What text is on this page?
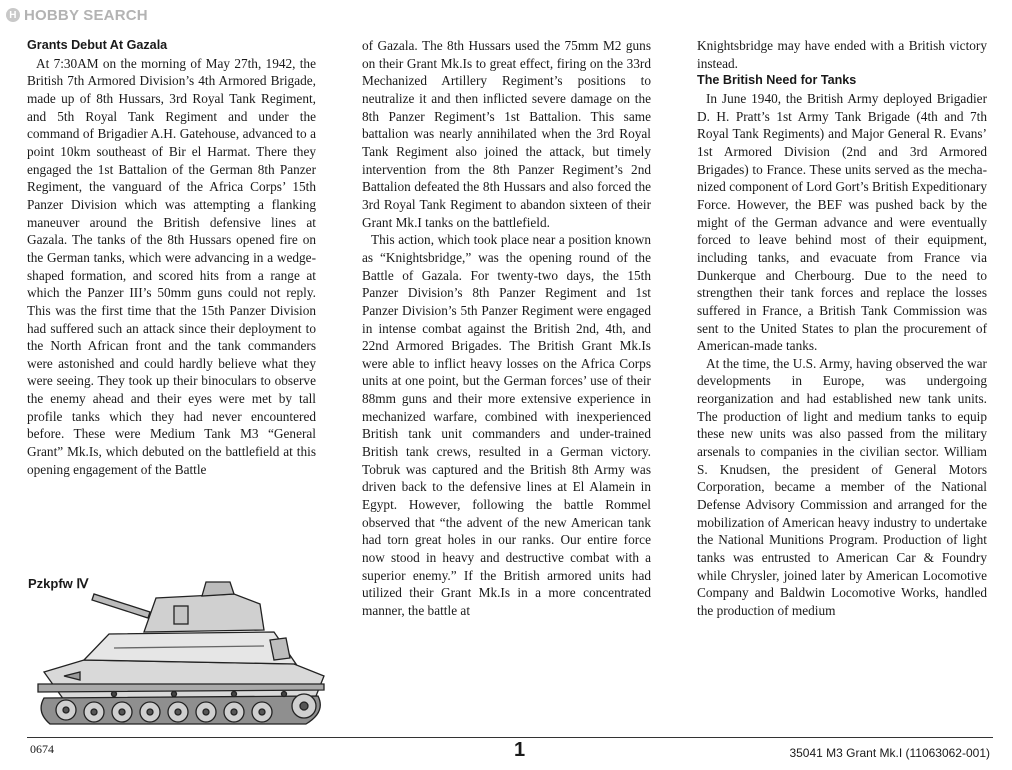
H HOBBY SEARCH
Grants Debut At Gazala

At 7:30AM on the morning of May 27th, 1942, the British 7th Armored Division’s 4th Armored Brigade, made up of 8th Hussars, 3rd Royal Tank Regiment, and 5th Royal Tank Regiment and under the command of Brigadier A.H. Gatehouse, advanced to a point 10km southeast of Bir el Harmat. There they engaged the 1st Battalion of the German 8th Panzer Regiment, the vanguard of the Africa Corps’ 15th Panzer Division which was attempting a flanking maneuver around the British defensive lines at Gazala. The tanks of the 8th Hussars opened fire on the German tanks, which were advancing in a wedge-shaped formation, and scored hits from a range at which the Panzer III’s 50mm guns could not reply. This was the first time that the 15th Panzer Division had suffered such an attack since their deployment to the North African front and the tank commanders were astonished and could hardly believe what they were seeing. They took up their binoculars to observe the enemy ahead and their eyes were met by tall profile tanks which they had never encountered before. These were Medium Tank M3 “General Grant” Mk.Is, which debuted on the battlefield at this opening engagement of the Battle

of Gazala. The 8th Hussars used the 75mm M2 guns on their Grant Mk.Is to great effect, firing on the 33rd Mechanized Artillery Regiment’s positions to neutralize it and then inflicted severe damage on the 8th Panzer Regiment’s 1st Battalion. This same battalion was nearly annihilated when the 3rd Royal Tank Regiment also joined the attack, but timely intervention from the 8th Panzer Regiment’s 2nd Battalion defeated the 8th Hussars and also forced the 3rd Royal Tank Regiment to abandon sixteen of their Grant Mk.I tanks on the battlefield.

This action, which took place near a position known as “Knightsbridge,” was the opening round of the Battle of Gazala. For twenty-two days, the 15th Panzer Division’s 8th Panzer Regiment and 1st Panzer Division’s 5th Panzer Regiment were engaged in intense combat against the British 2nd, 4th, and 22nd Armored Brigades. The British Grant Mk.Is were able to inflict heavy losses on the Africa Corps units at one point, but the German forces’ use of their 88mm guns and their more extensive experience in mechanized warfare, combined with inexperienced British tank unit commanders and under-trained British tank crews, resulted in a German victory. Tobruk was captured and the British 8th Army was driven back to the defensive lines at El Alamein in Egypt. However, following the battle Rommel observed that “the advent of the new American tank had torn great holes in our ranks. Our entire force now stood in heavy and destructive combat with a superior enemy.” If the British armored units had utilized their Grant Mk.Is in a more concentrated manner, the battle at

Knightsbridge may have ended with a British victory instead.

The British Need for Tanks

In June 1940, the British Army deployed Brigadier D. H. Pratt’s 1st Army Tank Brigade (4th and 7th Royal Tank Regiments) and Major General R. Evans’ 1st Armored Division (2nd and 3rd Armored Brigades) to France. These units served as the mechanized component of Lord Gort’s British Expeditionary Force. However, the BEF was pushed back by the might of the German advance and were eventually forced to leave behind most of their equipment, including tanks, and evacuate from France via Dunkerque and Cherbourg. Due to the need to strengthen their tank forces and replace the losses suffered in France, a British Tank Commission was sent to the United States to plan the procurement of American-made tanks.

At the time, the U.S. Army, having observed the war developments in Europe, was undergoing reorganization and had established new tank units. The production of light and medium tanks to equip these new units was also passed from the military arsenals to companies in the civilian sector. William S. Knudsen, the president of General Motors Corporation, became a member of the National Defense Advisory Commission and arranged for the mobilization of American heavy industry to undertake the National Munitions Program. Production of light tanks was entrusted to American Car & Foundry while Chrysler, joined later by American Locomotive Company and Baldwin Locomotive Works, handled the production of medium

Pzkpfw Ⅳ
0674	1	35041 M3 Grant Mk.I (11063062-001)
